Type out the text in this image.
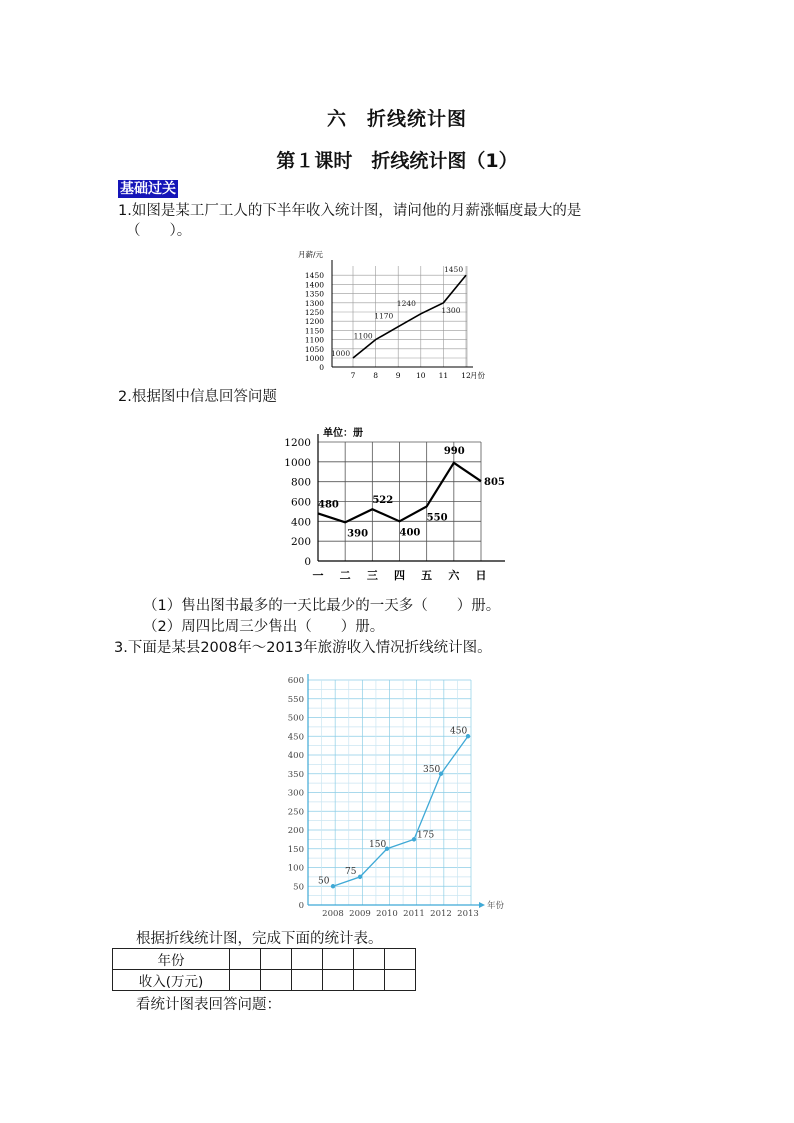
六　折线统计图
第１课时　折线统计图（1）
基础过关
1.如图是某工厂工人的下半年收入统计图，请问他的月薪涨幅度最大的是
（　　）。
0
1000
1050
1100
1150
1200
1250
1300
1350
1400
1450
7 8 9 10 11 12 月份
月薪/元
1000
1100
1170
1240
1300
1450
2.根据图中信息回答问题
0
200
400
600
800
1000
1200
一 二 三 四 五 六 日
单位：册
480
390
522
400
550
990
805
（1）售出图书最多的一天比最少的一天多（　　）册。
（2）周四比周三少售出（　　）册。
3.下面是某县2008年～2013年旅游收入情况折线统计图。
0
50
100
150
200
250
300
350
400
450
500
550
600
2008 2009 2010 2011 2012 2013
年份
50
75
150
175
350
450
根据折线统计图，完成下面的统计表。
年份						
收入(万元)						
看统计图表回答问题：
